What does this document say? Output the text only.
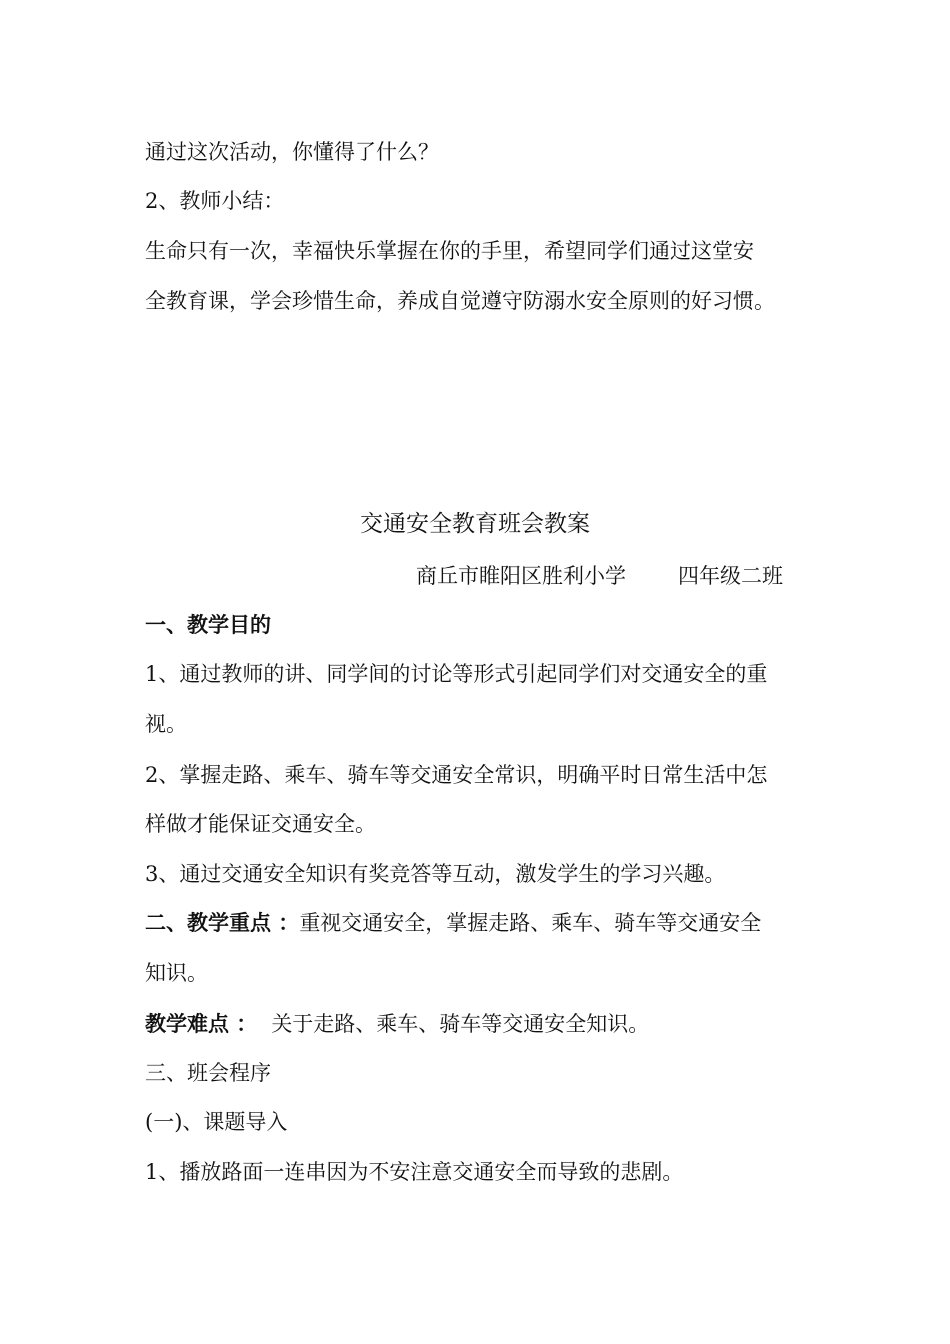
通过这次活动，你懂得了什么？

2、教师小结：

生命只有一次，幸福快乐掌握在你的手里，希望同学们通过这堂安

全教育课，学会珍惜生命，养成自觉遵守防溺水安全原则的好习惯。

交通安全教育班会教案
商丘市睢阳区胜利小学 四年级二班

一、教学目的

1、通过教师的讲、同学间的讨论等形式引起同学们对交通安全的重

视。

2、掌握走路、乘车、骑车等交通安全常识，明确平时日常生活中怎

样做才能保证交通安全。

3、通过交通安全知识有奖竞答等互动，激发学生的学习兴趣。

二、教学重点 ：重视交通安全，掌握走路、乘车、骑车等交通安全

知识。

教学难点 ： 关于走路、乘车、骑车等交通安全知识。

三、班会程序

(一)、课题导入

1、播放路面一连串因为不安注意交通安全而导致的悲剧。
